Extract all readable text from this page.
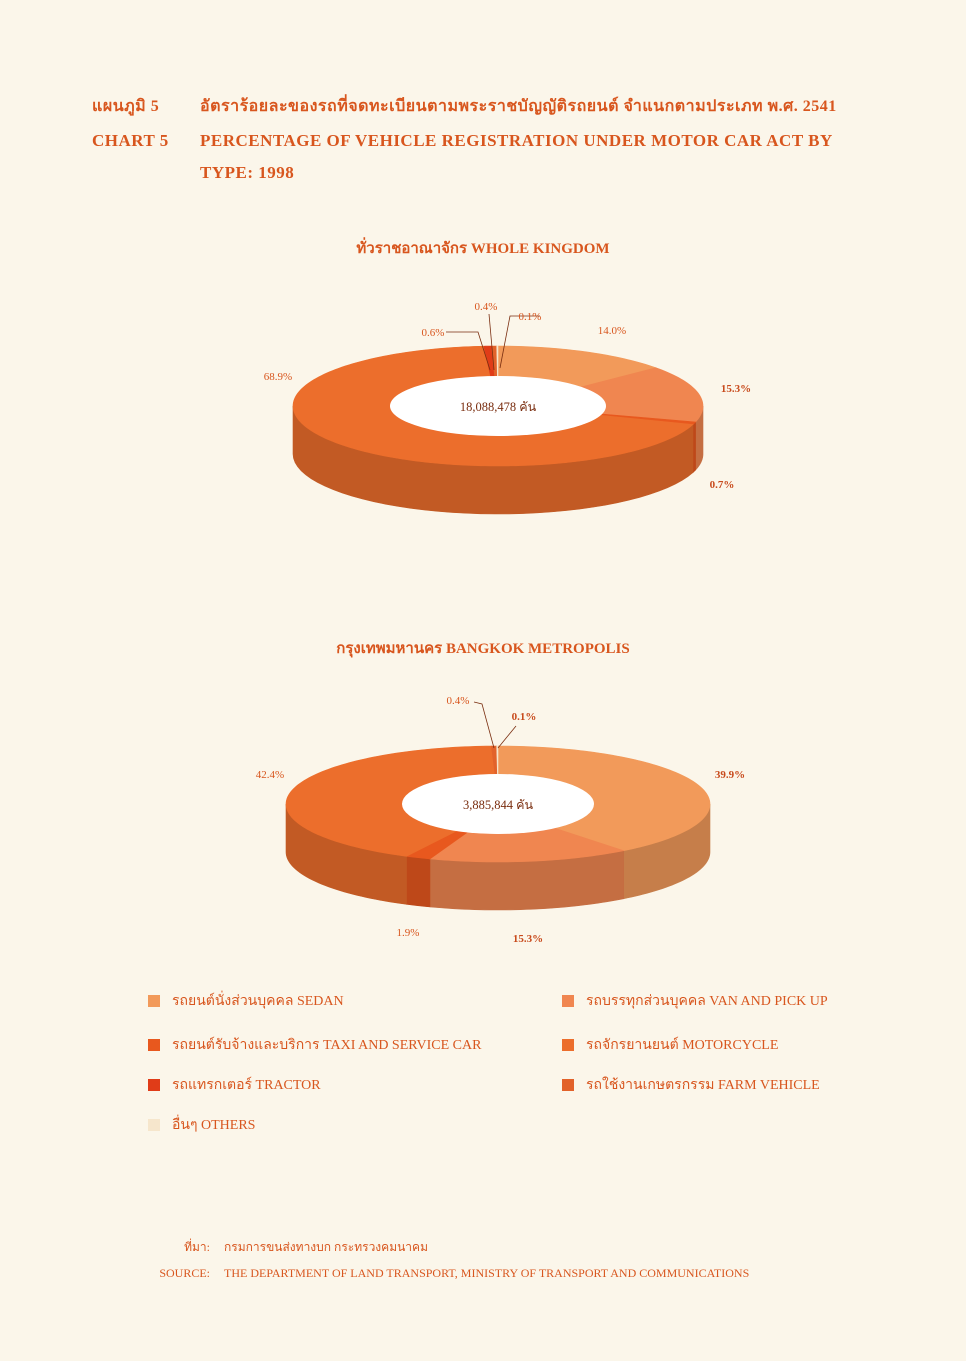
แผนภูมิ 5	อัตราร้อยละของรถที่จดทะเบียนตามพระราชบัญญัติรถยนต์ จำแนกตามประเภท พ.ศ. 2541
CHART 5	PERCENTAGE OF VEHICLE REGISTRATION UNDER MOTOR CAR ACT BY
TYPE: 1998
ทั่วราชอาณาจักร WHOLE KINGDOM
18,088,478 คัน
14.0%
15.3%
0.7%
68.9%
0.6%
0.4%
0.1%
กรุงเทพมหานคร BANGKOK METROPOLIS
3,885,844 คัน
39.9%
15.3%
1.9%
42.4%
0.4%
0.1%
รถยนต์นั่งส่วนบุคคล SEDAN	รถบรรทุกส่วนบุคคล VAN AND PICK UP
รถยนต์รับจ้างและบริการ TAXI AND SERVICE CAR	รถจักรยานยนต์ MOTORCYCLE
รถแทรกเตอร์ TRACTOR	รถใช้งานเกษตรกรรม FARM VEHICLE
อื่นๆ OTHERS
ที่มา:	กรมการขนส่งทางบก กระทรวงคมนาคม
SOURCE:	THE DEPARTMENT OF LAND TRANSPORT, MINISTRY OF TRANSPORT AND COMMUNICATIONS
